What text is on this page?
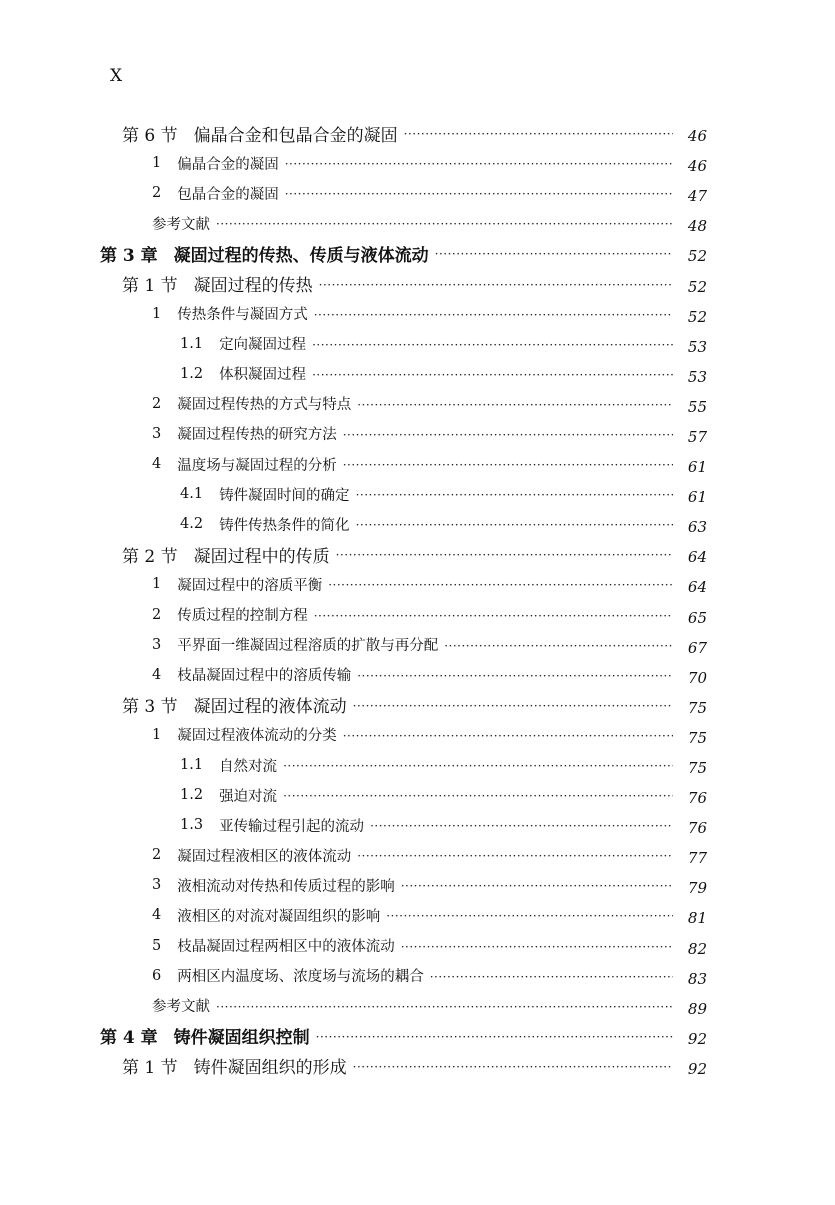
X
第 6 节 偏晶合金和包晶合金的凝固 ·····	46
1 偏晶合金的凝固 ·····	46
2 包晶合金的凝固 ·····	47
参考文献 ·····	48
第 3 章 凝固过程的传热、传质与液体流动 ·····	52
第 1 节 凝固过程的传热 ·····	52
1 传热条件与凝固方式 ·····	52
1.1 定向凝固过程 ·····	53
1.2 体积凝固过程 ·····	53
2 凝固过程传热的方式与特点 ·····	55
3 凝固过程传热的研究方法 ·····	57
4 温度场与凝固过程的分析 ·····	61
4.1 铸件凝固时间的确定 ·····	61
4.2 铸件传热条件的简化 ·····	63
第 2 节 凝固过程中的传质 ·····	64
1 凝固过程中的溶质平衡 ·····	64
2 传质过程的控制方程 ·····	65
3 平界面一维凝固过程溶质的扩散与再分配 ·····	67
4 枝晶凝固过程中的溶质传输 ·····	70
第 3 节 凝固过程的液体流动 ·····	75
1 凝固过程液体流动的分类 ·····	75
1.1 自然对流 ·····	75
1.2 强迫对流 ·····	76
1.3 亚传输过程引起的流动 ·····	76
2 凝固过程液相区的液体流动 ·····	77
3 液相流动对传热和传质过程的影响 ·····	79
4 液相区的对流对凝固组织的影响 ·····	81
5 枝晶凝固过程两相区中的液体流动 ·····	82
6 两相区内温度场、浓度场与流场的耦合 ·····	83
参考文献 ·····	89
第 4 章 铸件凝固组织控制 ·····	92
第 1 节 铸件凝固组织的形成 ·····	92
